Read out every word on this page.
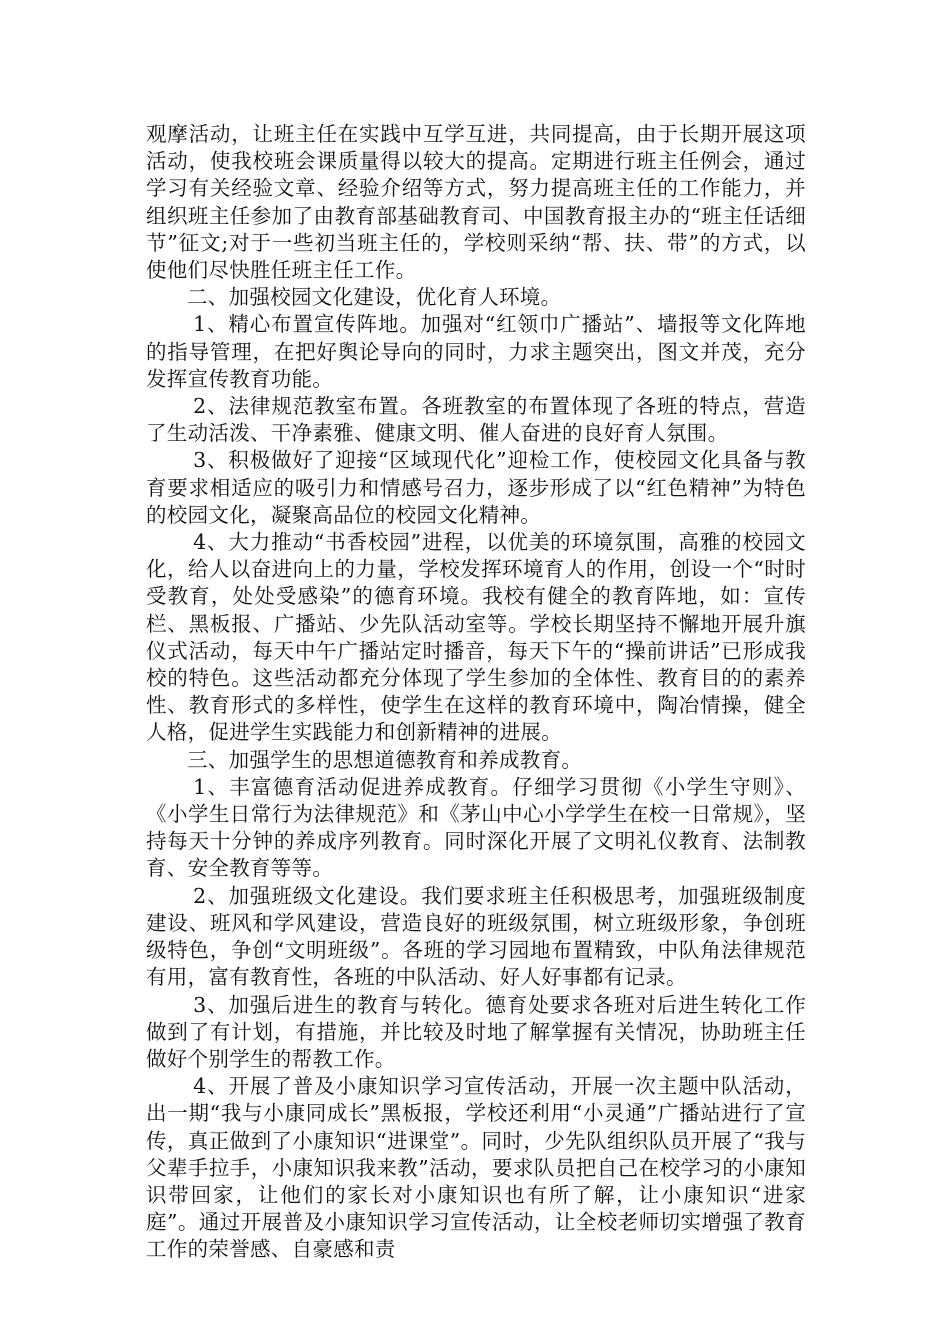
观摩活动，让班主任在实践中互学互进，共同提高，由于长期开展这项活动，使我校班会课质量得以较大的提高。定期进行班主任例会，通过学习有关经验文章、经验介绍等方式，努力提高班主任的工作能力，并组织班主任参加了由教育部基础教育司、中国教育报主办的“班主任话细节”征文;对于一些初当班主任的，学校则采纳“帮、扶、带”的方式，以使他们尽快胜任班主任工作。

二、加强校园文化建设，优化育人环境。

1、精心布置宣传阵地。加强对“红领巾广播站”、墙报等文化阵地的指导管理，在把好舆论导向的同时，力求主题突出，图文并茂，充分发挥宣传教育功能。

2、法律规范教室布置。各班教室的布置体现了各班的特点，营造了生动活泼、干净素雅、健康文明、催人奋进的良好育人氛围。

3、积极做好了迎接“区域现代化”迎检工作，使校园文化具备与教育要求相适应的吸引力和情感号召力，逐步形成了以“红色精神”为特色的校园文化，凝聚高品位的校园文化精神。

4、大力推动“书香校园”进程，以优美的环境氛围，高雅的校园文化，给人以奋进向上的力量，学校发挥环境育人的作用，创设一个“时时受教育，处处受感染”的德育环境。我校有健全的教育阵地，如：宣传栏、黑板报、广播站、少先队活动室等。学校长期坚持不懈地开展升旗仪式活动，每天中午广播站定时播音，每天下午的“操前讲话”已形成我校的特色。这些活动都充分体现了学生参加的全体性、教育目的的素养性、教育形式的多样性，使学生在这样的教育环境中，陶冶情操，健全人格，促进学生实践能力和创新精神的进展。

三、加强学生的思想道德教育和养成教育。

1、丰富德育活动促进养成教育。仔细学习贯彻《小学生守则》、《小学生日常行为法律规范》和《茅山中心小学学生在校一日常规》，坚持每天十分钟的养成序列教育。同时深化开展了文明礼仪教育、法制教育、安全教育等等。

2、加强班级文化建设。我们要求班主任积极思考，加强班级制度建设、班风和学风建设，营造良好的班级氛围，树立班级形象，争创班级特色，争创“文明班级”。各班的学习园地布置精致，中队角法律规范有用，富有教育性，各班的中队活动、好人好事都有记录。

3、加强后进生的教育与转化。德育处要求各班对后进生转化工作做到了有计划，有措施，并比较及时地了解掌握有关情况，协助班主任做好个别学生的帮教工作。

4、开展了普及小康知识学习宣传活动，开展一次主题中队活动，出一期“我与小康同成长”黑板报，学校还利用“小灵通”广播站进行了宣传，真正做到了小康知识“进课堂”。同时，少先队组织队员开展了“我与父辈手拉手，小康知识我来教”活动，要求队员把自己在校学习的小康知识带回家，让他们的家长对小康知识也有所了解，让小康知识“进家庭”。通过开展普及小康知识学习宣传活动，让全校老师切实增强了教育工作的荣誉感、自豪感和责
